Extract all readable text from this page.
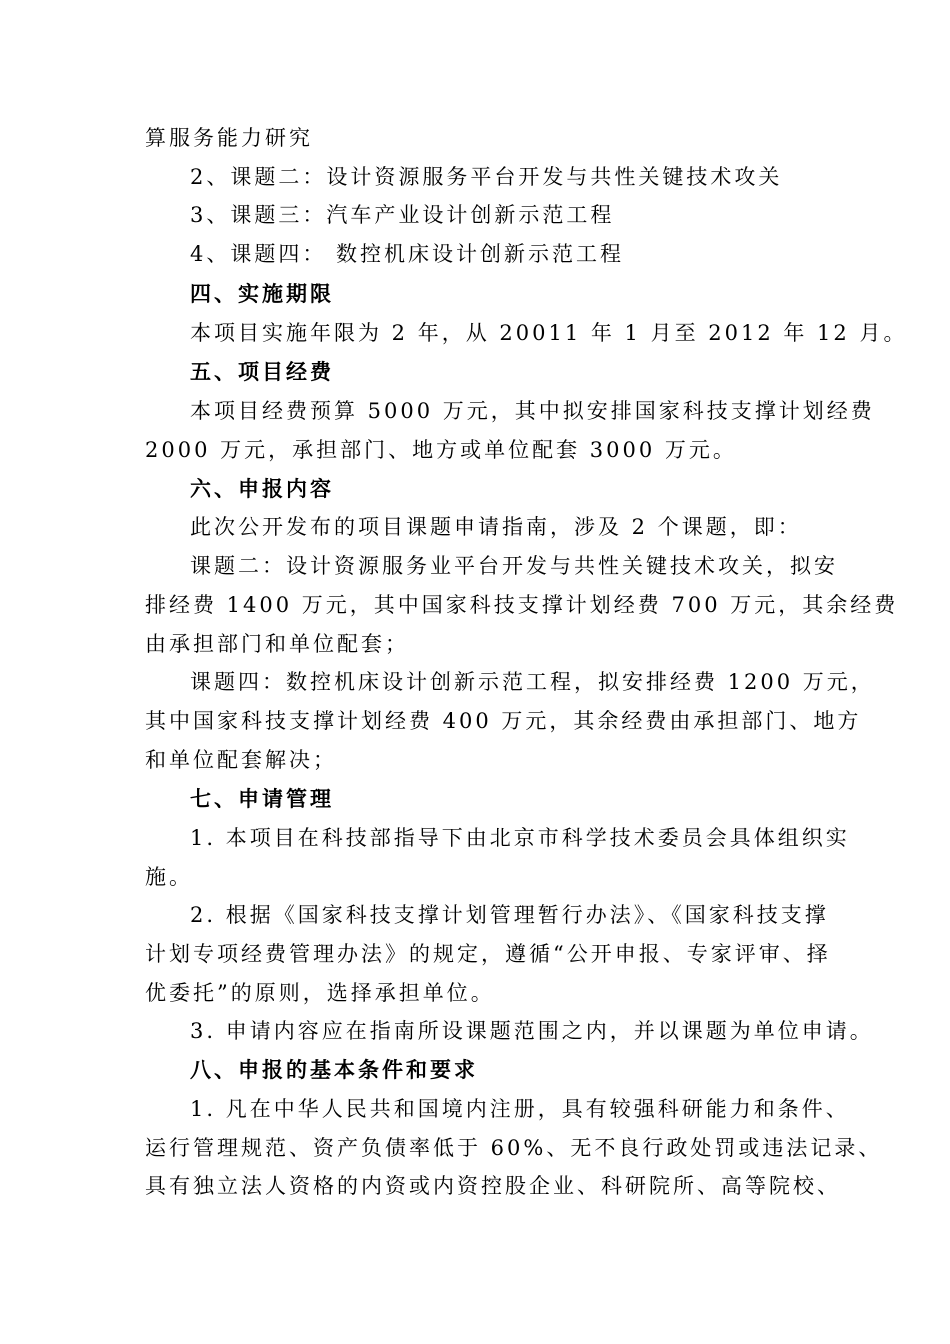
算服务能力研究
2、课题二：设计资源服务平台开发与共性关键技术攻关
3、课题三：汽车产业设计创新示范工程
4、课题四： 数控机床设计创新示范工程
四、实施期限
本项目实施年限为 2 年，从 20011 年 1 月至 2012 年 12 月。
五、项目经费
本项目经费预算 5000 万元，其中拟安排国家科技支撑计划经费
2000 万元，承担部门、地方或单位配套 3000 万元。
六、申报内容
此次公开发布的项目课题申请指南，涉及 2 个课题，即：
课题二：设计资源服务业平台开发与共性关键技术攻关，拟安
排经费 1400 万元，其中国家科技支撑计划经费 700 万元，其余经费
由承担部门和单位配套；
课题四：数控机床设计创新示范工程，拟安排经费 1200 万元，
其中国家科技支撑计划经费 400 万元，其余经费由承担部门、地方
和单位配套解决；
七、申请管理
1. 本项目在科技部指导下由北京市科学技术委员会具体组织实
施。
2. 根据《国家科技支撑计划管理暂行办法》、《国家科技支撑
计划专项经费管理办法》的规定，遵循“公开申报、专家评审、择
优委托”的原则，选择承担单位。
3. 申请内容应在指南所设课题范围之内，并以课题为单位申请。
八、申报的基本条件和要求
1. 凡在中华人民共和国境内注册，具有较强科研能力和条件、
运行管理规范、资产负债率低于 60%、无不良行政处罚或违法记录、
具有独立法人资格的内资或内资控股企业、科研院所、高等院校、
